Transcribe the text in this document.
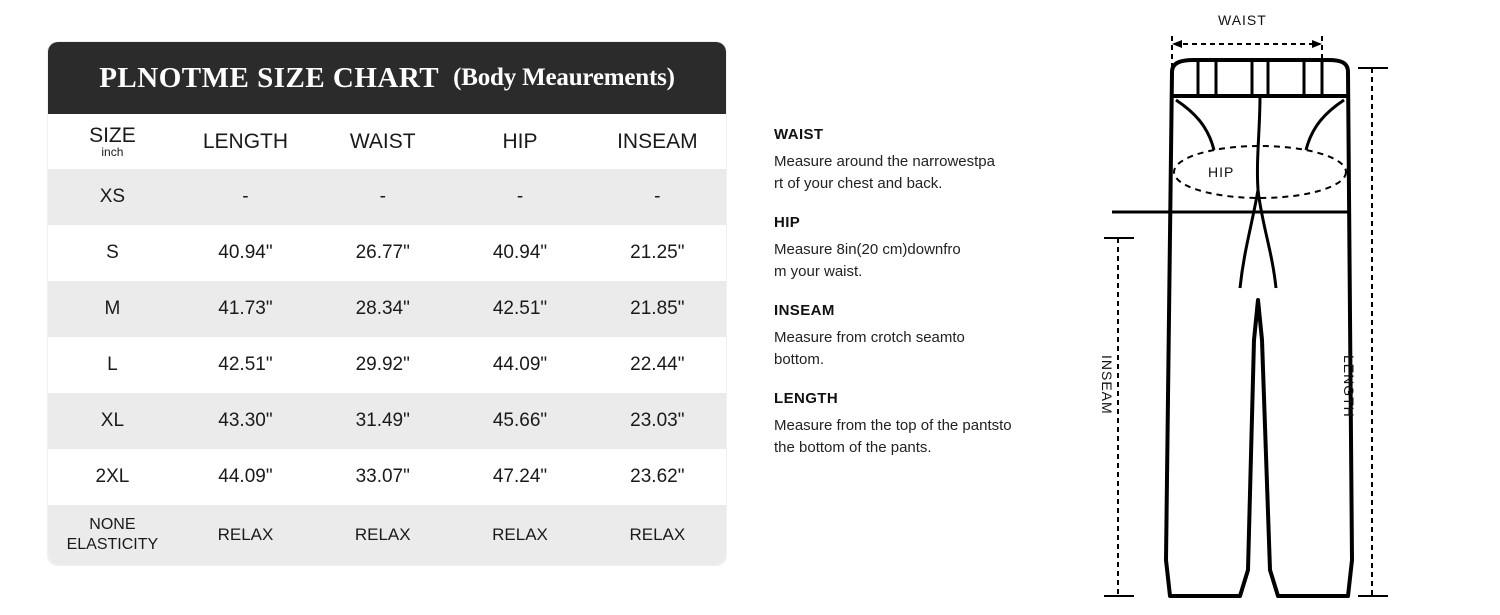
PLNOTME SIZE CHART (Body Meaurements)
SIZE
inch	LENGTH	WAIST	HIP	INSEAM
XS	-	-	-	-
S	40.94"	26.77"	40.94"	21.25"
M	41.73"	28.34"	42.51"	21.85"
L	42.51"	29.92"	44.09"	22.44"
XL	43.30"	31.49"	45.66"	23.03"
2XL	44.09"	33.07"	47.24"	23.62"
NONE
ELASTICITY	RELAX	RELAX	RELAX	RELAX
WAIST
Measure around the narrowestpa
rt of your chest and back.
HIP
Measure 8in(20 cm)downfro
m your waist.
INSEAM
Measure from crotch seamto
bottom.
LENGTH
Measure from the top of the pantsto
the bottom of the pants.
WAIST
HIP
INSEAM	LENGTH
